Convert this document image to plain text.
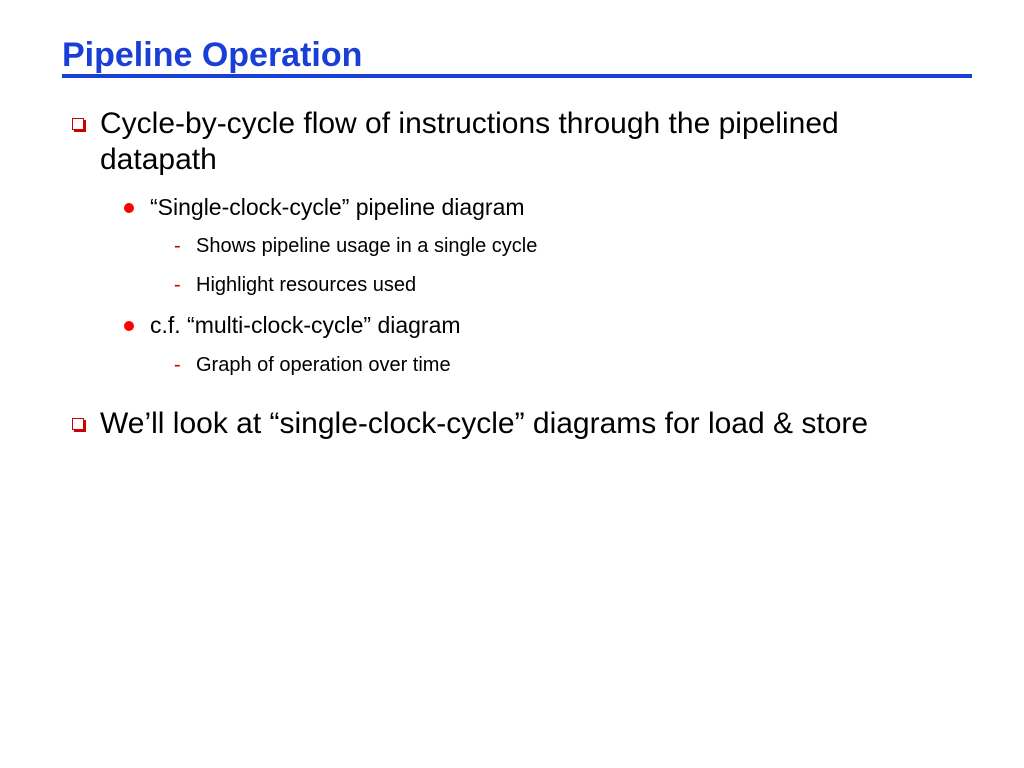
Pipeline Operation
Cycle-by-cycle flow of instructions through the pipelined datapath
“Single-clock-cycle” pipeline diagram
- Shows pipeline usage in a single cycle
- Highlight resources used
c.f. “multi-clock-cycle” diagram
- Graph of operation over time
We’ll look at “single-clock-cycle” diagrams for load & store
